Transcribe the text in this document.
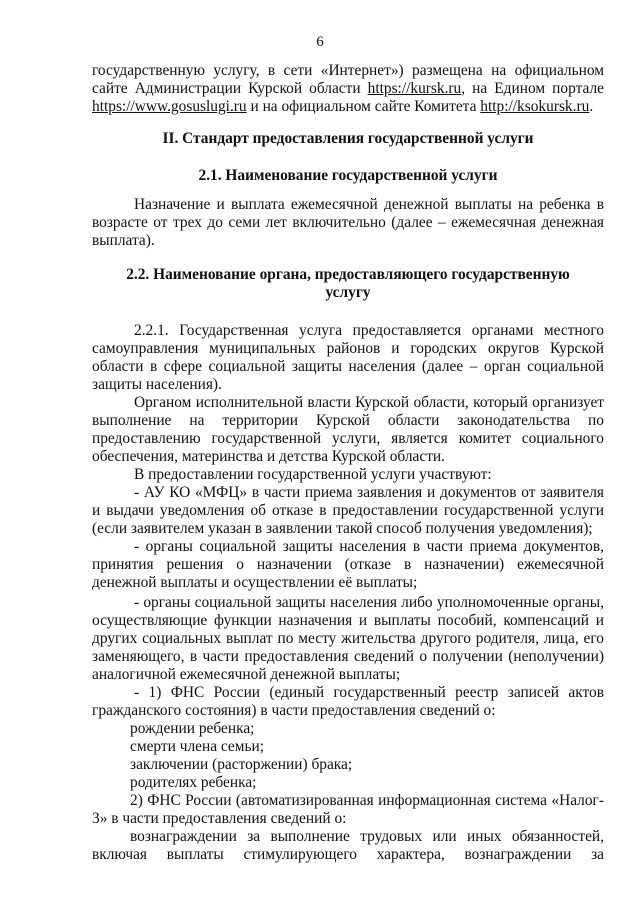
6
государственную услугу, в сети «Интернет») размещена на официальном
сайте Администрации Курской области https://kursk.ru, на Едином портале
https://www.gosuslugi.ru и на официальном сайте Комитета http://ksokursk.ru.
II. Стандарт предоставления государственной услуги
2.1. Наименование государственной услуги
Назначение и выплата ежемесячной денежной выплаты на ребенка в
возрасте от трех до семи лет включительно (далее – ежемесячная денежная
выплата).
2.2. Наименование органа, предоставляющего государственную
услугу
2.2.1. Государственная услуга предоставляется органами местного
самоуправления муниципальных районов и городских округов Курской
области в сфере социальной защиты населения (далее – орган социальной
защиты населения).
Органом исполнительной власти Курской области, который организует
выполнение на территории Курской области законодательства по
предоставлению государственной услуги, является комитет социального
обеспечения, материнства и детства Курской области.
В предоставлении государственной услуги участвуют:
- АУ КО «МФЦ» в части приема заявления и документов от заявителя
и выдачи уведомления об отказе в предоставлении государственной услуги
(если заявителем указан в заявлении такой способ получения уведомления);
- органы социальной защиты населения в части приема документов,
принятия решения о назначении (отказе в назначении) ежемесячной
денежной выплаты и осуществлении её выплаты;
- органы социальной защиты населения либо уполномоченные органы,
осуществляющие функции назначения и выплаты пособий, компенсаций и
других социальных выплат по месту жительства другого родителя, лица, его
заменяющего, в части предоставления сведений о получении (неполучении)
аналогичной ежемесячной денежной выплаты;
- 1) ФНС России (единый государственный реестр записей актов
гражданского состояния) в части предоставления сведений о:
рождении ребенка;
смерти члена семьи;
заключении (расторжении) брака;
родителях ребенка;
2) ФНС России (автоматизированная информационная система «Налог-
3» в части предоставления сведений о:
вознаграждении за выполнение трудовых или иных обязанностей,
включая выплаты стимулирующего характера, вознаграждении за
